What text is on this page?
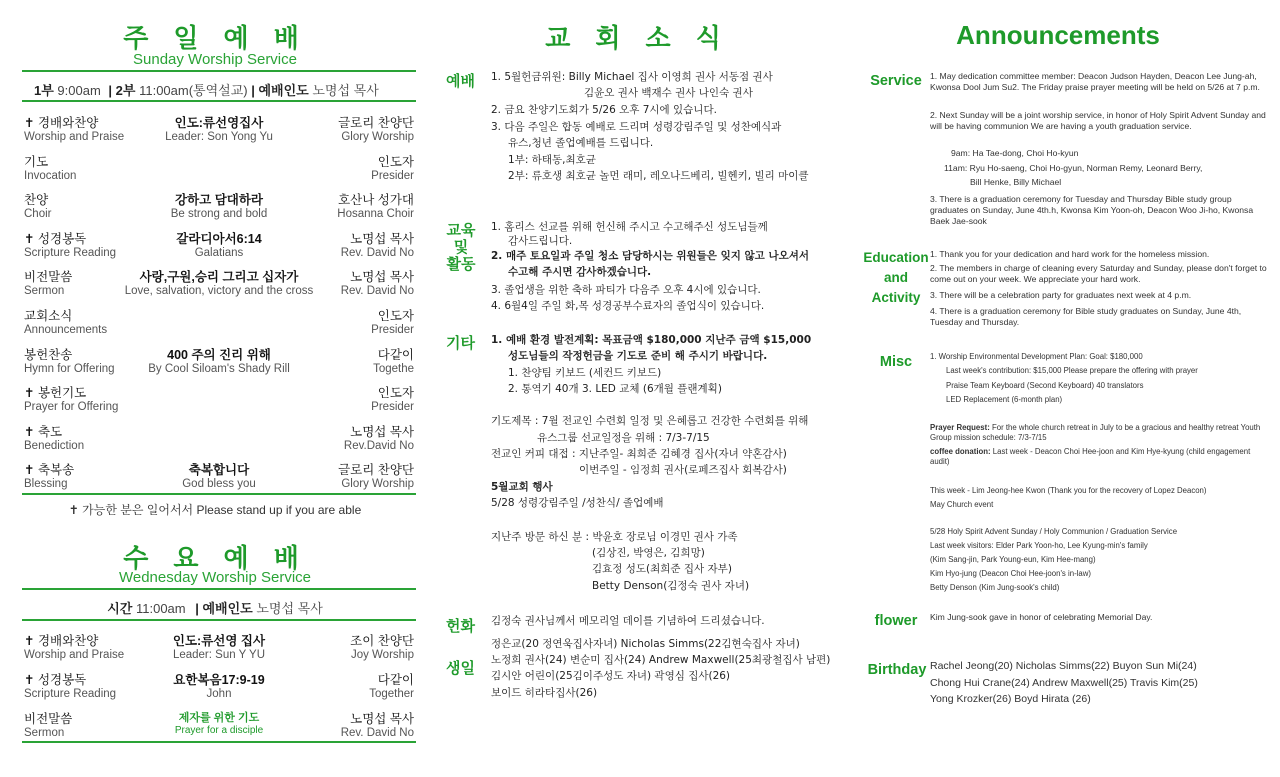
주 일 예 배
Sunday Worship Service
1부 9:00am | 2부 11:00am(통역설교) | 예배인도 노명섭 목사
✝ 경배와찬양
Worship and Praise
인도:류선영집사
Leader: Son Yong Yu
글로리 찬양단
Glory Worship
기도
Invocation
인도자
Presider
찬양
Choir
강하고 담대하라
Be strong and bold
호산나 성가대
Hosanna Choir
✝ 성경봉독
Scripture Reading
갈라디아서6:14
Galatians
노명섭 목사
Rev. David No
비전말씀
Sermon
사랑,구원,승리 그리고 십자가
Love, salvation, victory and the cross
노명섭 목사
Rev. David No
교회소식
Announcements
인도자
Presider
봉헌찬송
Hymn for Offering
400 주의 진리 위해
By Cool Siloam's Shady Rill
다같이
Togethe
✝ 봉헌기도
Prayer for Offering
인도자
Presider
✝ 축도
Benediction
노명섭 목사
Rev.David No
✝ 축복송
Blessing
축복합니다
God bless you
글로리 찬양단
Glory Worship
✝ 가능한 분은 일어서서 Please stand up if you are able
수 요 예 배
Wednesday Worship Service
시간 11:00am | 예배인도 노명섭 목사
✝ 경배와찬양
Worship and Praise
인도:류선영 집사
Leader: Sun Y YU
조이 찬양단
Joy Worship
✝ 성경봉독
Scripture Reading
요한복음17:9-19
John
다같이
Together
비전말씀
Sermon
제자를 위한 기도
Prayer for a disciple
노명섭 목사
Rev. David No
교 회 소 식
예배 1. 5월헌금위원: Billy Michael 집사 이영희 권사 서동점 권사
김윤오 권사 백재수 권사 나인숙 권사
2. 금요 찬양기도회가 5/26 오후 7시에 있습니다.
3. 다음 주일은 합동 예배로 드리며 성령강림주일 및 성찬예식과
유스,청년 졸업예배를 드립니다.
1부: 하태동,최호균
2부: 류호생 최호균 놀먼 래미, 레오나드베리, 빌헨키, 빌리 마이클
교육
및
활동
1. 홈리스 선교를 위해 헌신해 주시고 수고해주신 성도님들께
감사드립니다.
2. 매주 토요일과 주일 청소 담당하시는 위원들은 잊지 않고 나오셔서
수고해 주시면 감사하겠습니다.
3. 졸업생을 위한 축하 파티가 다음주 오후 4시에 있습니다.
4. 6월4일 주일 화,목 성경공부수료자의 졸업식이 있습니다.
기타 1. 예배 환경 발전계획: 목표금액 $180,000 지난주 금액 $15,000
성도님들의 작정헌금을 기도로 준비 해 주시기 바랍니다.
1. 찬양팀 키보드 (세컨드 키보드)
2. 통역기 40개 3. LED 교체 (6개월 플랜계획)
기도제목 : 7월 전교인 수련회 일정 및 은혜롭고 건강한 수련회를 위해
유스그룹 선교일정을 위해 : 7/3-7/15
전교인 커피 대접 : 지난주일- 최희준 김혜경 집사(자녀 약혼감사)
이번주일 - 임정희 권사(로페즈집사 회복감사)
5월교회 행사
5/28 성령강림주일 /성찬식/ 졸업예배
지난주 방문 하신 분 : 박윤호 장로님 이경민 권사 가족
(김상진, 박영은, 김희망)
김효정 성도(최희준 집사 자부)
Betty Denson(김정숙 권사 자녀)
헌화 김정숙 권사님께서 메모리얼 데이를 기념하여 드리셨습니다.
생일
정은교(20 정연욱집사자녀) Nicholas Simms(22김현숙집사 자녀)
노정희 권사(24) 변순미 집사(24) Andrew Maxwell(25최광철집사 남편)
김시안 어린이(25김이주성도 자녀) 곽영심 집사(26)
보이드 히라타집사(26)
Announcements
Service 1. May dedication committee member: Deacon Judson Hayden, Deacon Lee Jung-ah, Kwonsa Dool Jum Su2. The Friday praise prayer meeting will be held on 5/26 at 7 p.m.
2. Next Sunday will be a joint worship service, in honor of Holy Spirit Advent Sunday and will be having communion We are having a youth graduation service.
9am: Ha Tae-dong, Choi Ho-kyun
11am: Ryu Ho-saeng, Choi Ho-gyun, Norman Remy, Leonard Berry,
Bill Henke, Billy Michael
3. There is a graduation ceremony for Tuesday and Thursday Bible study group graduates on Sunday, June 4th.h, Kwonsa Kim Yoon-oh, Deacon Woo Ji-ho, Kwonsa Baek Jae-sook
Education
and
Activity
1. Thank you for your dedication and hard work for the homeless mission.
2. The members in charge of cleaning every Saturday and Sunday, please don't forget to come out on your week. We appreciate your hard work.
3. There will be a celebration party for graduates next week at 4 p.m.
4. There is a graduation ceremony for Bible study graduates on Sunday, June 4th, Tuesday and Thursday.
Misc	1. Worship Environmental Development Plan: Goal: $180,000
Last week's contribution: $15,000 Please prepare the offering with prayer
Praise Team Keyboard (Second Keyboard) 40 translators
LED Replacement (6-month plan)
Prayer Request: For the whole church retreat in July to be a gracious and healthy retreat Youth Group mission schedule: 7/3-7/15
coffee donation: Last week - Deacon Choi Hee-joon and Kim Hye-kyung (child engagement audit)
This week - Lim Jeong-hee Kwon (Thank you for the recovery of Lopez Deacon)
May Church event
5/28 Holy Spirit Advent Sunday / Holy Communion / Graduation Service
Last week visitors: Elder Park Yoon-ho, Lee Kyung-min's family
(Kim Sang-jin, Park Young-eun, Kim Hee-mang)
Kim Hyo-jung (Deacon Choi Hee-joon's in-law)
Betty Denson (Kim Jung-sook's child)
flower	Kim Jung-sook gave in honor of celebrating Memorial Day.
Birthday Rachel Jeong(20) Nicholas Simms(22) Buyon Sun Mi(24)
Chong Hui Crane(24) Andrew Maxwell(25) Travis Kim(25)
Yong Krozker(26) Boyd Hirata (26)
